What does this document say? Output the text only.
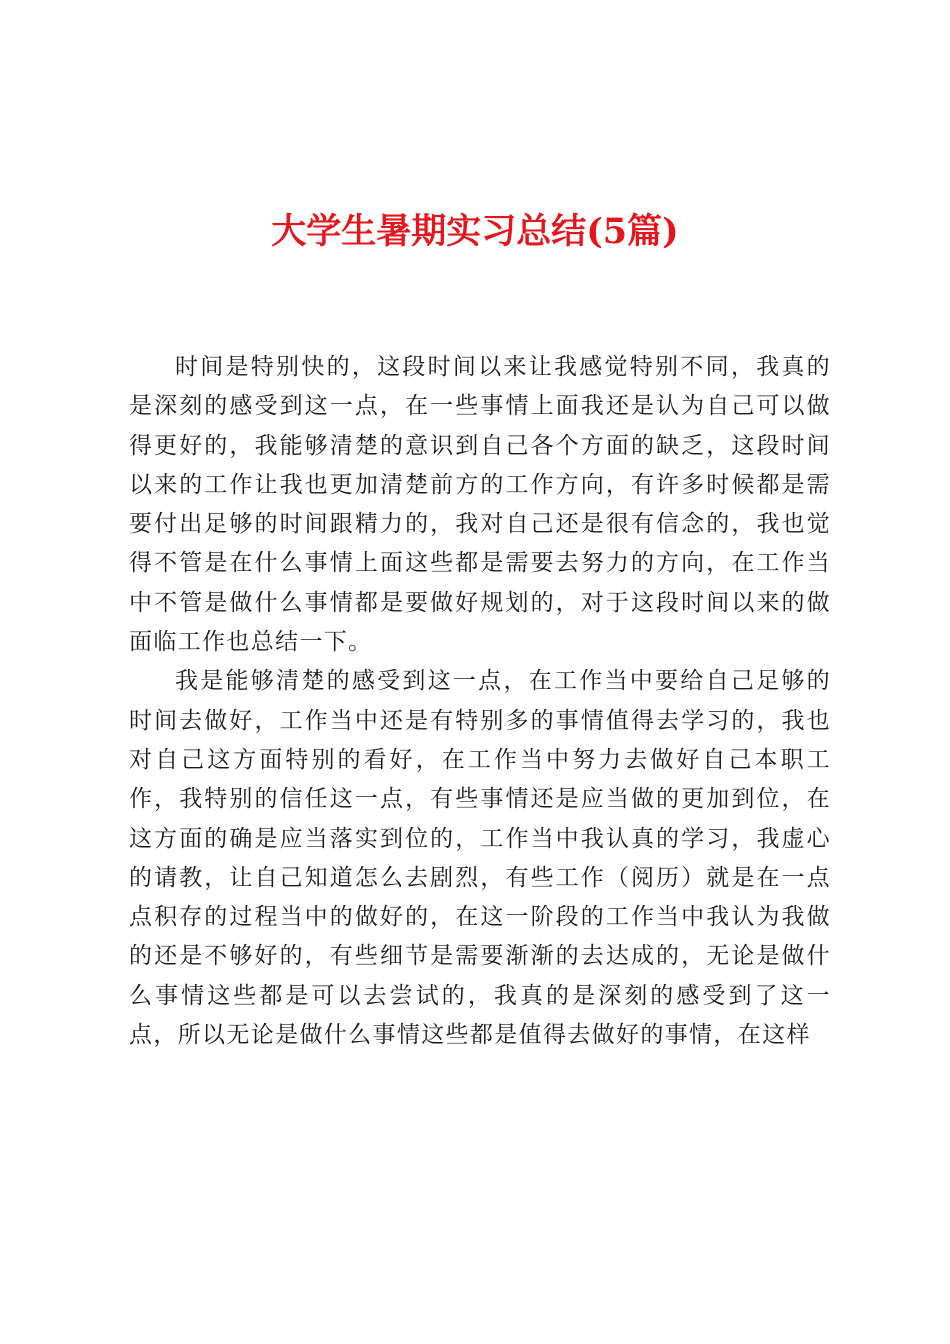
大学生暑期实习总结(5篇)

时间是特别快的，这段时间以来让我感觉特别不同，我真的是深刻的感受到这一点，在一些事情上面我还是认为自己可以做得更好的，我能够清楚的意识到自己各个方面的缺乏，这段时间以来的工作让我也更加清楚前方的工作方向，有许多时候都是需要付出足够的时间跟精力的，我对自己还是很有信念的，我也觉得不管是在什么事情上面这些都是需要去努力的方向，在工作当中不管是做什么事情都是要做好规划的，对于这段时间以来的做面临工作也总结一下。

我是能够清楚的感受到这一点，在工作当中要给自己足够的时间去做好，工作当中还是有特别多的事情值得去学习的，我也对自己这方面特别的看好，在工作当中努力去做好自己本职工作，我特别的信任这一点，有些事情还是应当做的更加到位，在这方面的确是应当落实到位的，工作当中我认真的学习，我虚心的请教，让自己知道怎么去剧烈，有些工作（阅历）就是在一点点积存的过程当中的做好的，在这一阶段的工作当中我认为我做的还是不够好的，有些细节是需要渐渐的去达成的，无论是做什么事情这些都是可以去尝试的，我真的是深刻的感受到了这一点，所以无论是做什么事情这些都是值得去做好的事情，在这样
